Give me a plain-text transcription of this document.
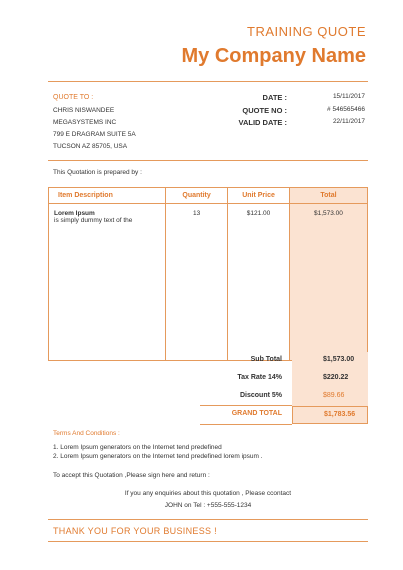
TRAINING QUOTE
My Company Name
QUOTE TO :
CHRIS NISWANDEE
MEGASYSTEMS INC
799 E DRAGRAM SUITE 5A
TUCSON AZ 85705, USA
DATE :	15/11/2017
QUOTE NO :	# 546565466
VALID DATE :	22/11/2017
This Quotation is prepared by :
Item Description	Quantity	Unit Price	Total

Lorem Ipsum
is simply dummy text of the	13	$121.00	$1,573.00
Sub Total	$1,573.00
Tax Rate 14%	$220.22
Discount 5%	$89.66
GRAND TOTAL	$1,783.56
Terms And Conditions :
1. Lorem Ipsum generators on the Internet tend predefined
2. Lorem Ipsum generators on the Internet tend predefined lorem ipsum .
To accept this Quotation ,Please sign here and return :
If you any enquiries about this quotation , Please ccontact
JOHN on Tel : +555-555-1234
THANK YOU FOR YOUR BUSINESS !
